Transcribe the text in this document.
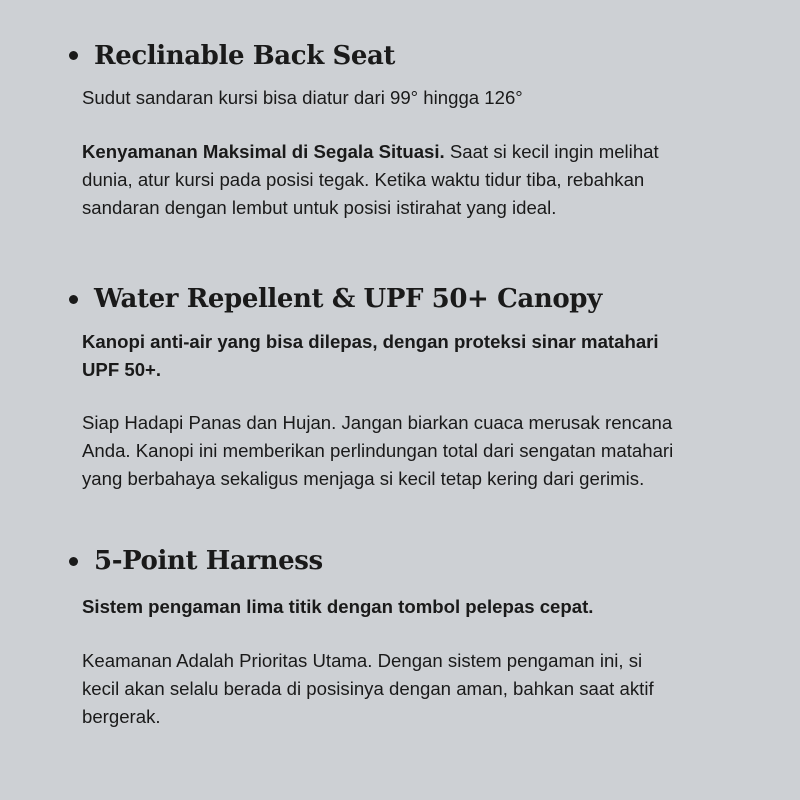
Reclinable Back Seat

Sudut sandaran kursi bisa diatur dari 99° hingga 126°

Kenyamanan Maksimal di Segala Situasi. Saat si kecil ingin melihat dunia, atur kursi pada posisi tegak. Ketika waktu tidur tiba, rebahkan sandaran dengan lembut untuk posisi istirahat yang ideal.

Water Repellent & UPF 50+ Canopy

Kanopi anti-air yang bisa dilepas, dengan proteksi sinar matahari UPF 50+.

Siap Hadapi Panas dan Hujan. Jangan biarkan cuaca merusak rencana Anda. Kanopi ini memberikan perlindungan total dari sengatan matahari yang berbahaya sekaligus menjaga si kecil tetap kering dari gerimis.

5-Point Harness

Sistem pengaman lima titik dengan tombol pelepas cepat.

Keamanan Adalah Prioritas Utama. Dengan sistem pengaman ini, si kecil akan selalu berada di posisinya dengan aman, bahkan saat aktif bergerak.
